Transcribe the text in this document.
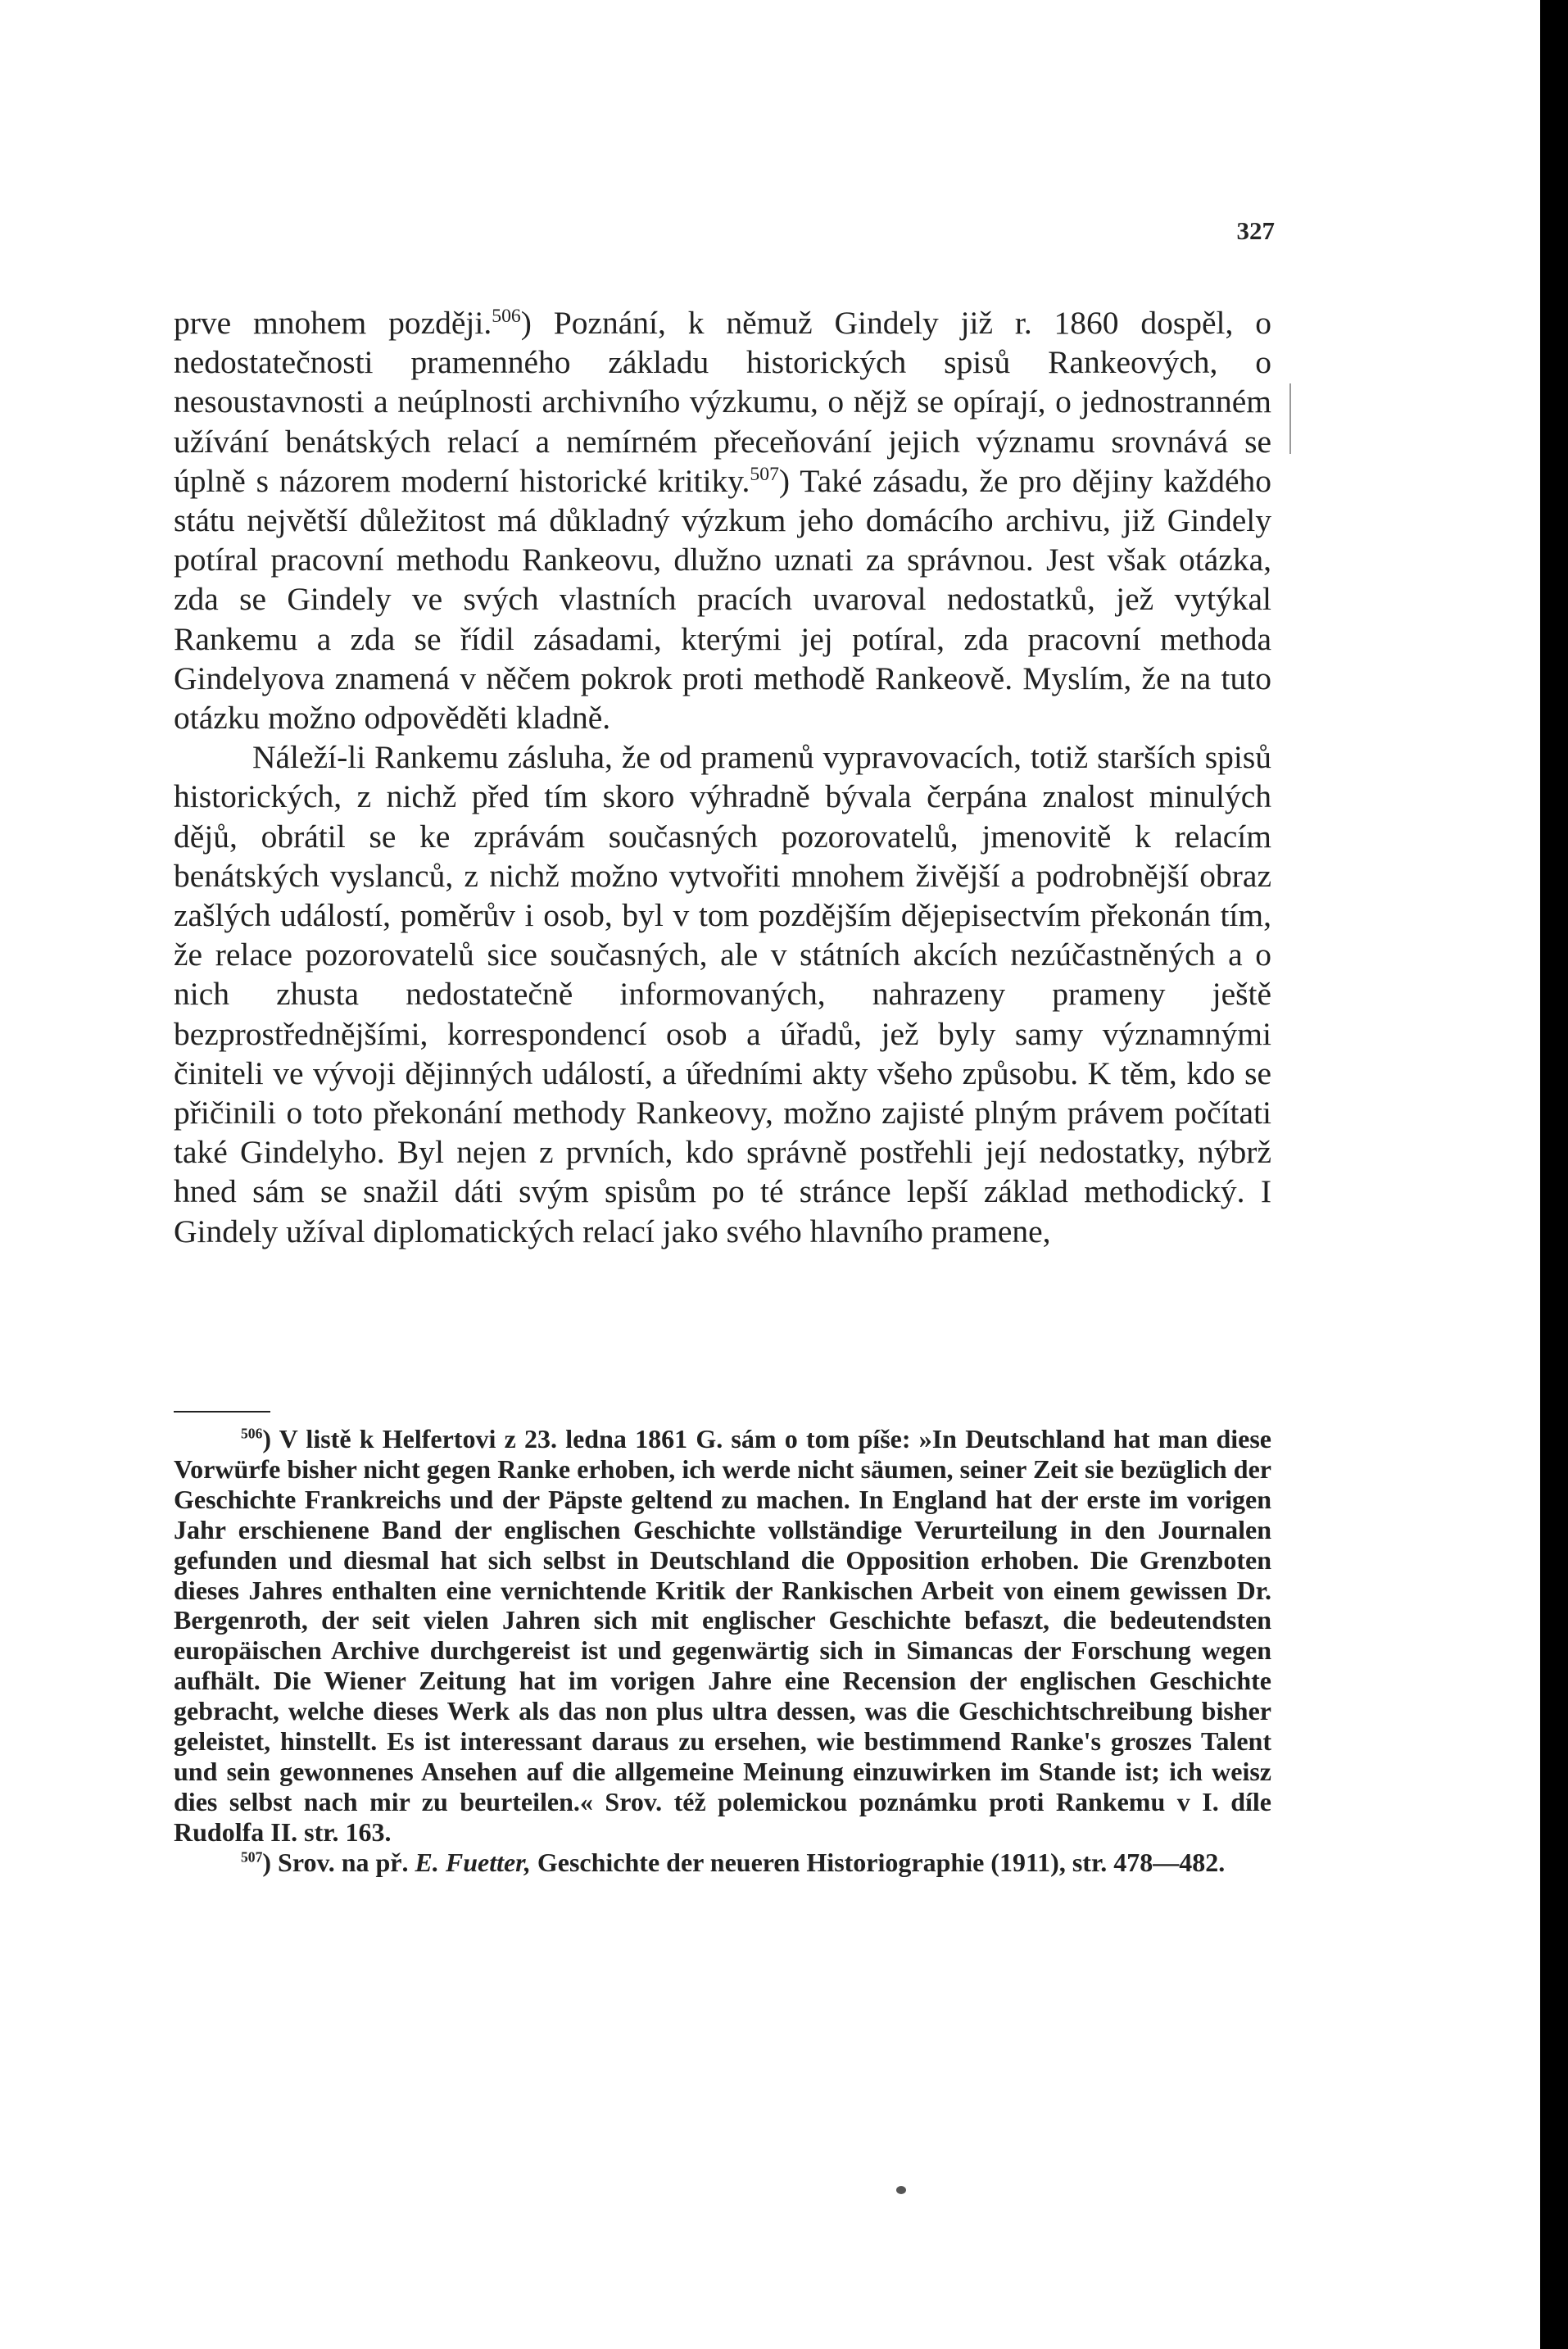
327

prve mnohem později.$^{506}$) Poznání, k němuž Gindely již r. 1860 dospěl, o nedostatečnosti pramenného základu historických spisů Rankeových, o nesoustavnosti a neúplnosti archivního výzkumu, o nějž se opírají, o jednostranném užívání benátských relací a nemírném přeceňování jejich významu srovnává se úplně s názorem moderní historické kritiky.$^{507}$) Také zásadu, že pro dějiny každého státu největší důležitost má důkladný výzkum jeho domácího archivu, již Gindely potíral pracovní methodu Rankeovu, dlužno uznati za správnou. Jest však otázka, zda se Gindely ve svých vlastních pracích uvaroval nedostatků, jež vytýkal Rankemu a zda se řídil zásadami, kterými jej potíral, zda pracovní methoda Gindelyova znamená v něčem pokrok proti methodě Rankeově. Myslím, že na tuto otázku možno odpověděti kladně.

Náleží-li Rankemu zásluha, že od pramenů vypravovacích, totiž starších spisů historických, z nichž před tím skoro výhradně bývala čerpána znalost minulých dějů, obrátil se ke zprávám současných pozorovatelů, jmenovitě k relacím benátských vyslanců, z nichž možno vytvořiti mnohem živější a podrobnější obraz zašlých událostí, poměrův i osob, byl v tom pozdějším dějepisectvím překonán tím, že relace pozorovatelů sice současných, ale v státních akcích nezúčastněných a o nich zhusta nedostatečně informovaných, nahrazeny prameny ještě bezprostřednějšími, korrespondencí osob a úřadů, jež byly samy významnými činiteli ve vývoji dějinných událostí, a úředními akty všeho způsobu. K těm, kdo se přičinili o toto překonání methody Rankeovy, možno zajisté plným právem počítati také Gindelyho. Byl nejen z prvních, kdo správně postřehli její nedostatky, nýbrž hned sám se snažil dáti svým spisům po té stránce lepší základ methodický. I Gindely užíval diplomatických relací jako svého hlavního pramene,

$^{506}$) V listě k Helfertovi z 23. ledna 1861 G. sám o tom píše: »In Deutschland hat man diese Vorwürfe bisher nicht gegen Ranke erhoben, ich werde nicht säumen, seiner Zeit sie bezüglich der Geschichte Frankreichs und der Päpste geltend zu machen. In England hat der erste im vorigen Jahr erschienene Band der englischen Geschichte vollständige Verurteilung in den Journalen gefunden und diesmal hat sich selbst in Deutschland die Opposition erhoben. Die Grenzboten dieses Jahres enthalten eine vernichtende Kritik der Rankischen Arbeit von einem gewissen Dr. Bergenroth, der seit vielen Jahren sich mit englischer Geschichte befaszt, die bedeutendsten europäischen Archive durchgereist ist und gegenwärtig sich in Simancas der Forschung wegen aufhält. Die Wiener Zeitung hat im vorigen Jahre eine Recension der englischen Geschichte gebracht, welche dieses Werk als das non plus ultra dessen, was die Geschichtschreibung bisher geleistet, hinstellt. Es ist interessant daraus zu ersehen, wie bestimmend Ranke's groszes Talent und sein gewonnenes Ansehen auf die allgemeine Meinung einzuwirken im Stande ist; ich weisz dies selbst nach mir zu beurteilen.« Srov. též polemickou poznámku proti Rankemu v I. díle Rudolfa II. str. 163.

$^{507}$) Srov. na př. E. Fuetter, Geschichte der neueren Historiographie (1911), str. 478—482.
